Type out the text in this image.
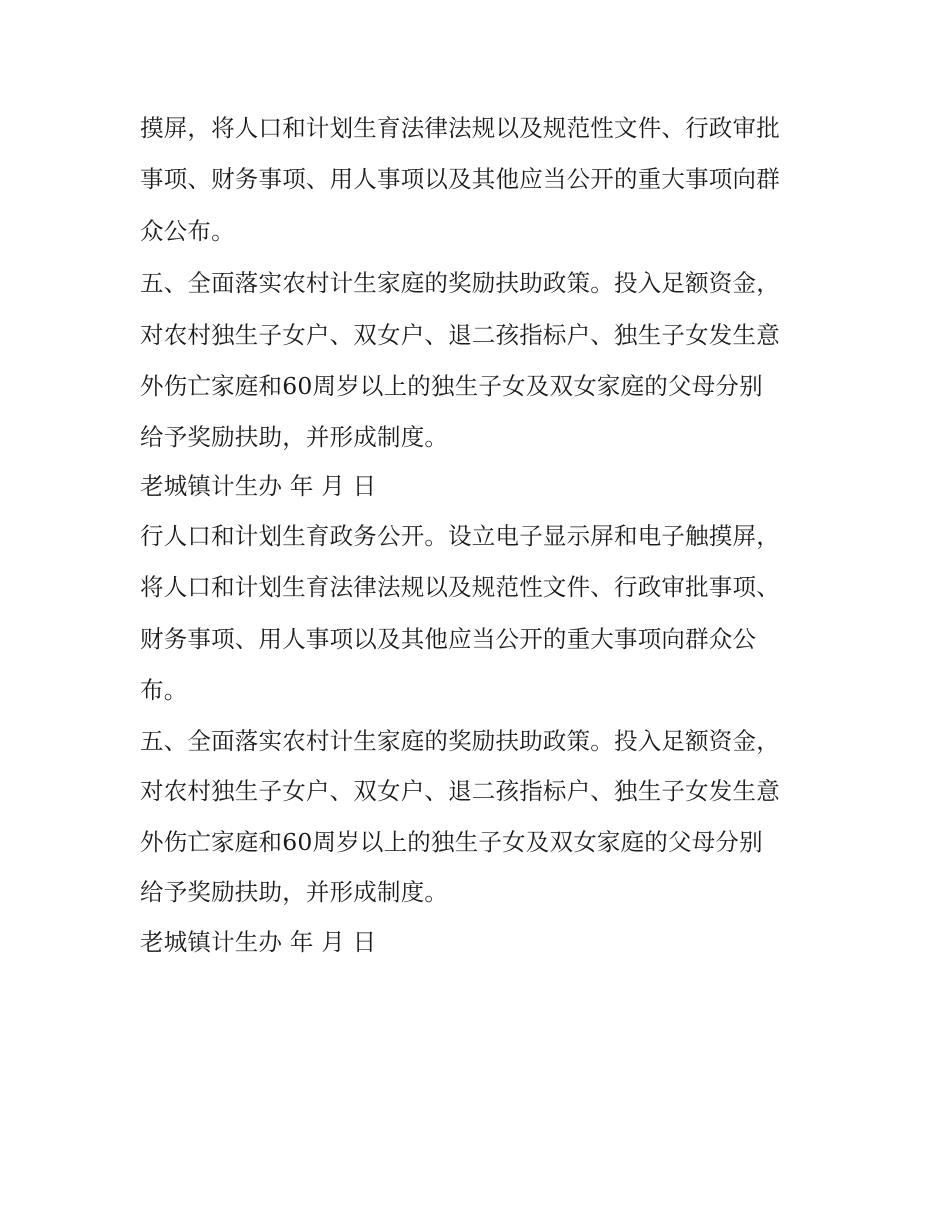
摸屏，将人口和计划生育法律法规以及规范性文件、行政审批
事项、财务事项、用人事项以及其他应当公开的重大事项向群
众公布。
五、全面落实农村计生家庭的奖励扶助政策。投入足额资金，
对农村独生子女户、双女户、退二孩指标户、独生子女发生意
外伤亡家庭和60周岁以上的独生子女及双女家庭的父母分别
给予奖励扶助，并形成制度。
老城镇计生办 年 月 日
行人口和计划生育政务公开。设立电子显示屏和电子触摸屏，
将人口和计划生育法律法规以及规范性文件、行政审批事项、
财务事项、用人事项以及其他应当公开的重大事项向群众公
布。
五、全面落实农村计生家庭的奖励扶助政策。投入足额资金，
对农村独生子女户、双女户、退二孩指标户、独生子女发生意
外伤亡家庭和60周岁以上的独生子女及双女家庭的父母分别
给予奖励扶助，并形成制度。
老城镇计生办 年 月 日
